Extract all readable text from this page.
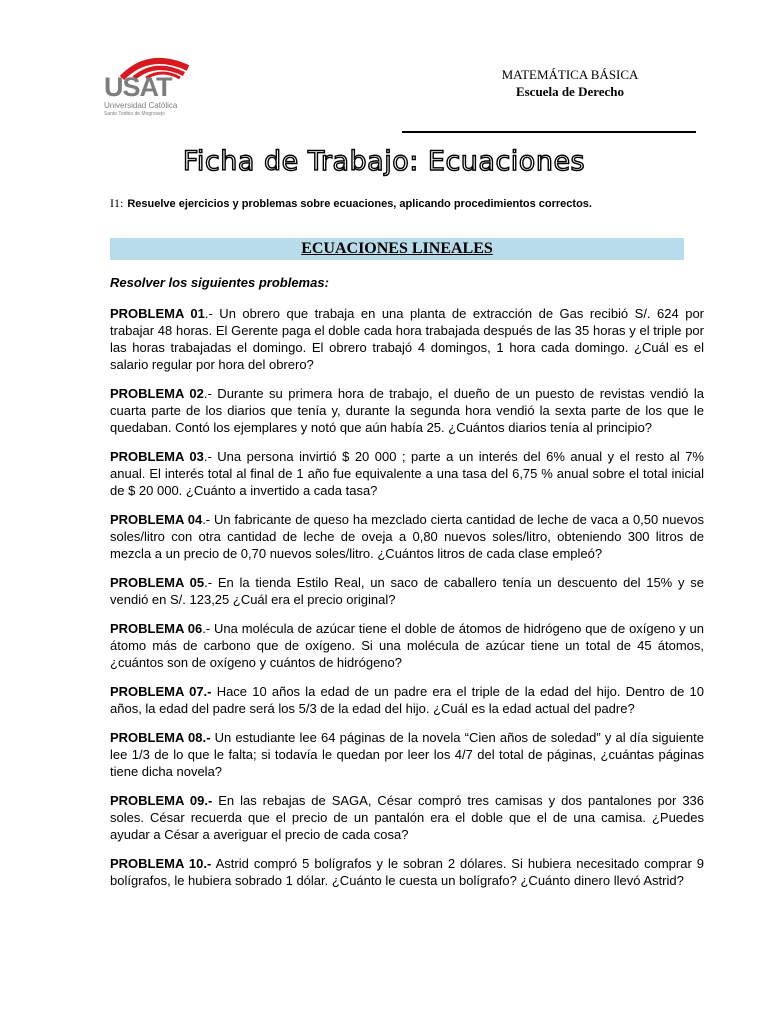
USAT
Universidad Católica
Santo Toribio de Mogrovejo
MATEMÁTICA BÁSICA
Escuela de Derecho
Ficha de Trabajo: Ecuaciones
I1: Resuelve ejercicios y problemas sobre ecuaciones, aplicando procedimientos correctos.
ECUACIONES LINEALES
Resolver los siguientes problemas:

PROBLEMA 01.- Un obrero que trabaja en una planta de extracción de Gas recibió S/. 624 por trabajar 48 horas. El Gerente paga el doble cada hora trabajada después de las 35 horas y el triple por las horas trabajadas el domingo. El obrero trabajó 4 domingos, 1 hora cada domingo. ¿Cuál es el salario regular por hora del obrero?

PROBLEMA 02.- Durante su primera hora de trabajo, el dueño de un puesto de revistas vendió la cuarta parte de los diarios que tenía y, durante la segunda hora vendió la sexta parte de los que le quedaban. Contó los ejemplares y notó que aún había 25. ¿Cuántos diarios tenía al principio?

PROBLEMA 03.- Una persona invirtió $ 20 000 ; parte a un interés del 6% anual y el resto al 7% anual. El interés total al final de 1 año fue equivalente a una tasa del 6,75 % anual sobre el total inicial de $ 20 000. ¿Cuánto a invertido a cada tasa?

PROBLEMA 04.- Un fabricante de queso ha mezclado cierta cantidad de leche de vaca a 0,50 nuevos soles/litro con otra cantidad de leche de oveja a 0,80 nuevos soles/litro, obteniendo 300 litros de mezcla a un precio de 0,70 nuevos soles/litro. ¿Cuántos litros de cada clase empleó?

PROBLEMA 05.- En la tienda Estilo Real, un saco de caballero tenía un descuento del 15% y se vendió en S/. 123,25 ¿Cuál era el precio original?

PROBLEMA 06.- Una molécula de azúcar tiene el doble de átomos de hidrógeno que de oxígeno y un átomo más de carbono que de oxígeno. Si una molécula de azúcar tiene un total de 45 átomos, ¿cuántos son de oxígeno y cuántos de hidrógeno?

PROBLEMA 07.- Hace 10 años la edad de un padre era el triple de la edad del hijo. Dentro de 10 años, la edad del padre será los 5/3 de la edad del hijo. ¿Cuál es la edad actual del padre?

PROBLEMA 08.- Un estudiante lee 64 páginas de la novela “Cien años de soledad” y al día siguiente lee 1/3 de lo que le falta; si todavía le quedan por leer los 4/7 del total de páginas, ¿cuántas páginas tiene dicha novela?

PROBLEMA 09.- En las rebajas de SAGA, César compró tres camisas y dos pantalones por 336 soles. César recuerda que el precio de un pantalón era el doble que el de una camisa. ¿Puedes ayudar a César a averiguar el precio de cada cosa?

PROBLEMA 10.- Astrid compró 5 bolígrafos y le sobran 2 dólares. Si hubiera necesitado comprar 9 bolígrafos, le hubiera sobrado 1 dólar. ¿Cuánto le cuesta un bolígrafo? ¿Cuánto dinero llevó Astrid?
